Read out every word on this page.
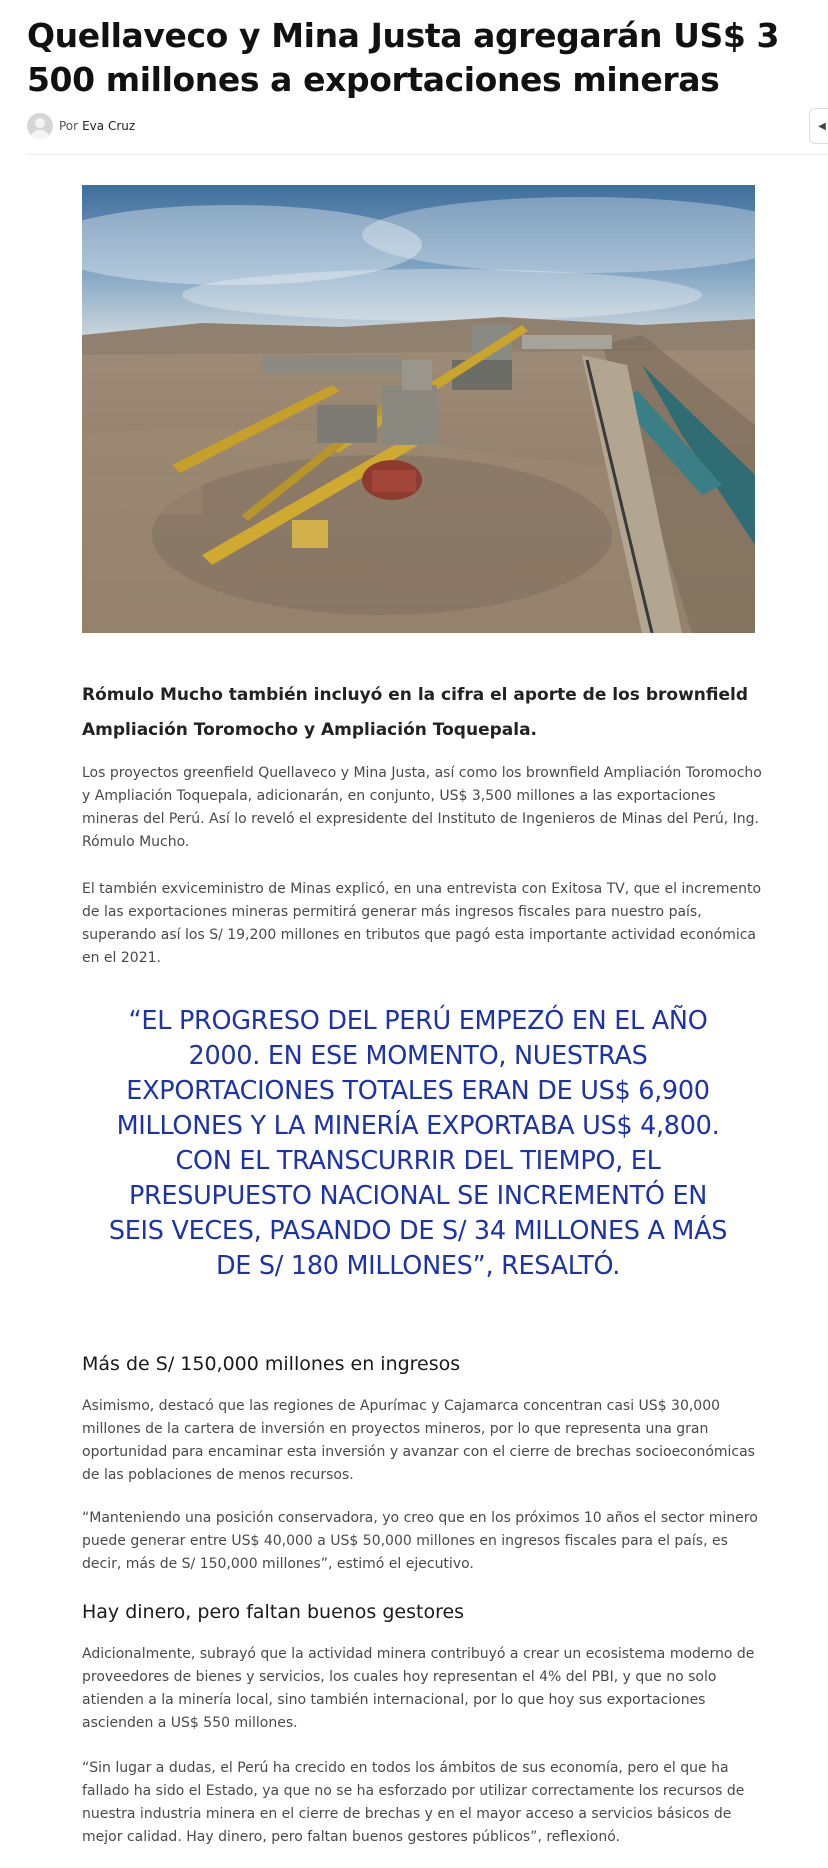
Quellaveco y Mina Justa agregarán US$ 3 500 millones a exportaciones mineras
Por Eva Cruz	◀

Rómulo Mucho también incluyó en la cifra el aporte de los brownfield Ampliación Toromocho y Ampliación Toquepala.

Los proyectos greenfield Quellaveco y Mina Justa, así como los brownfield Ampliación Toromocho y Ampliación Toquepala, adicionarán, en conjunto, US$ 3,500 millones a las exportaciones mineras del Perú. Así lo reveló el expresidente del Instituto de Ingenieros de Minas del Perú, Ing. Rómulo Mucho.

El también exviceministro de Minas explicó, en una entrevista con Exitosa TV, que el incremento de las exportaciones mineras permitirá generar más ingresos fiscales para nuestro país, superando así los S/ 19,200 millones en tributos que pagó esta importante actividad económica en el 2021.

“EL PROGRESO DEL PERÚ EMPEZÓ EN EL AÑO 2000. EN ESE MOMENTO, NUESTRAS EXPORTACIONES TOTALES ERAN DE US$ 6,900 MILLONES Y LA MINERÍA EXPORTABA US$ 4,800. CON EL TRANSCURRIR DEL TIEMPO, EL PRESUPUESTO NACIONAL SE INCREMENTÓ EN SEIS VECES, PASANDO DE S/ 34 MILLONES A MÁS DE S/ 180 MILLONES”, RESALTÓ.
Más de S/ 150,000 millones en ingresos

Asimismo, destacó que las regiones de Apurímac y Cajamarca concentran casi US$ 30,000 millones de la cartera de inversión en proyectos mineros, por lo que representa una gran oportunidad para encaminar esta inversión y avanzar con el cierre de brechas socioeconómicas de las poblaciones de menos recursos.

“Manteniendo una posición conservadora, yo creo que en los próximos 10 años el sector minero puede generar entre US$ 40,000 a US$ 50,000 millones en ingresos fiscales para el país, es decir, más de S/ 150,000 millones”, estimó el ejecutivo.

Hay dinero, pero faltan buenos gestores

Adicionalmente, subrayó que la actividad minera contribuyó a crear un ecosistema moderno de proveedores de bienes y servicios, los cuales hoy representan el 4% del PBI, y que no solo atienden a la minería local, sino también internacional, por lo que hoy sus exportaciones ascienden a US$ 550 millones.

“Sin lugar a dudas, el Perú ha crecido en todos los ámbitos de sus economía, pero el que ha fallado ha sido el Estado, ya que no se ha esforzado por utilizar correctamente los recursos de nuestra industria minera en el cierre de brechas y en el mayor acceso a servicios básicos de mejor calidad. Hay dinero, pero faltan buenos gestores públicos”, reflexionó.
